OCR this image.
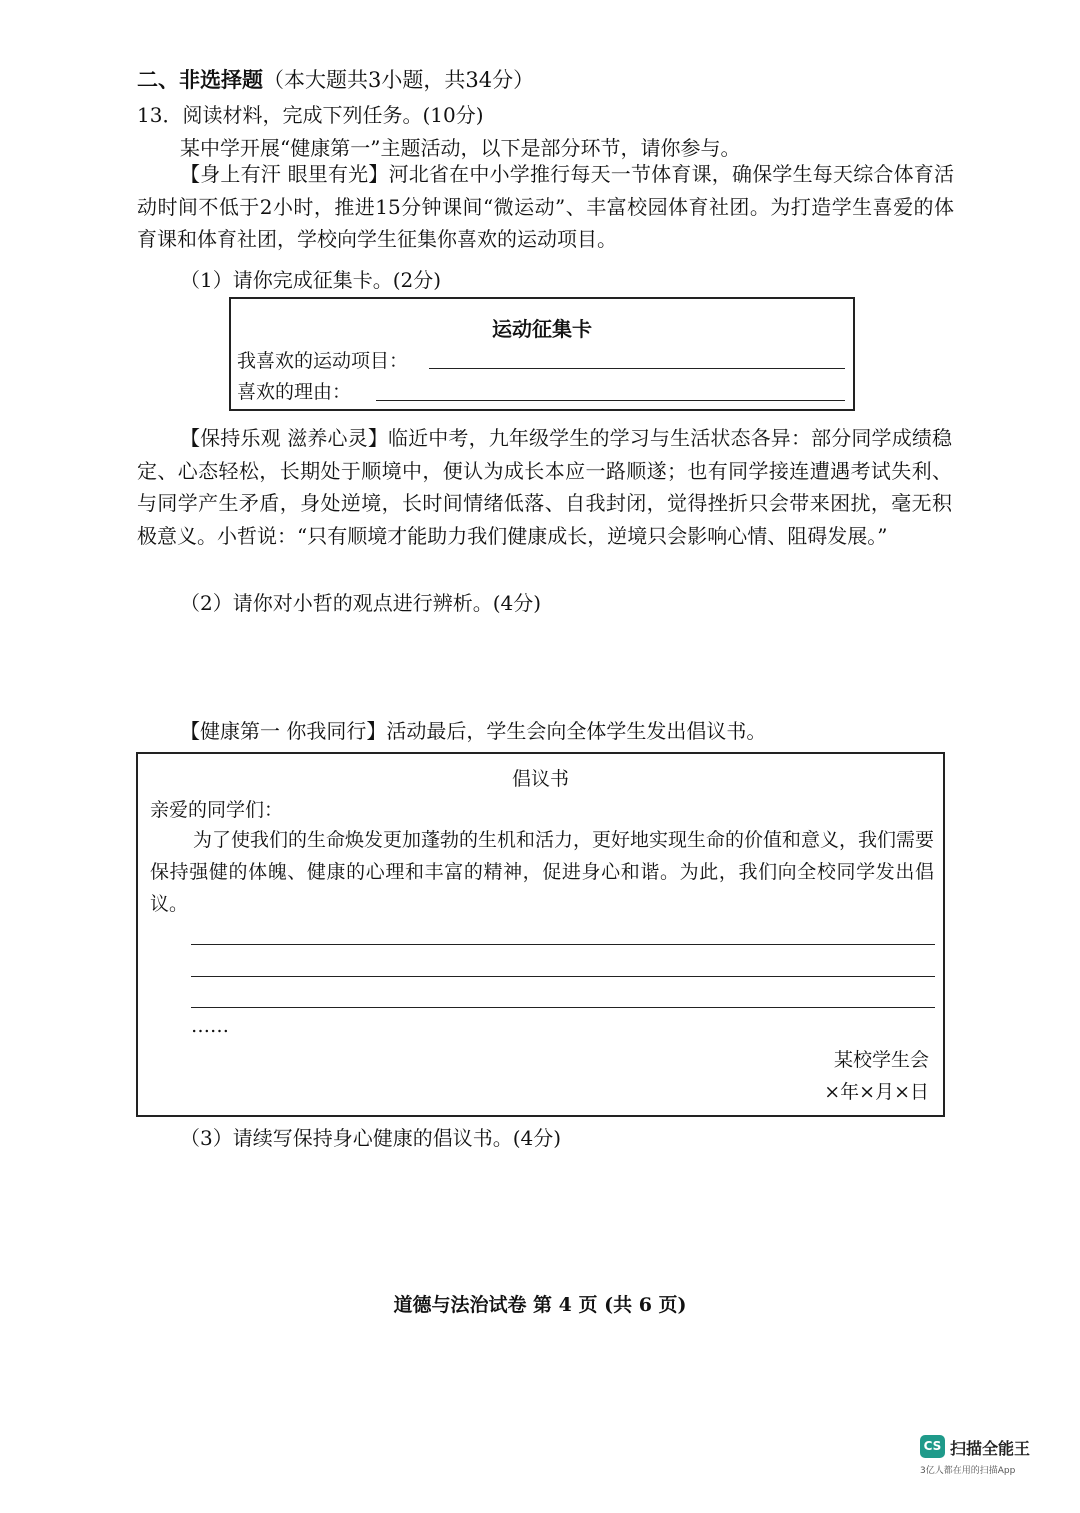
二、非选择题（本大题共3小题，共34分）
13．阅读材料，完成下列任务。(10分)
某中学开展“健康第一”主题活动，以下是部分环节，请你参与。
【身上有汗 眼里有光】河北省在中小学推行每天一节体育课，确保学生每天综合体育活动时间不低于2小时，推进15分钟课间“微运动”、丰富校园体育社团。为打造学生喜爱的体育课和体育社团，学校向学生征集你喜欢的运动项目。
（1）请你完成征集卡。(2分)
运动征集卡
我喜欢的运动项目：
喜欢的理由：
【保持乐观 滋养心灵】临近中考，九年级学生的学习与生活状态各异：部分同学成绩稳定、心态轻松，长期处于顺境中，便认为成长本应一路顺遂；也有同学接连遭遇考试失利、与同学产生矛盾，身处逆境，长时间情绪低落、自我封闭，觉得挫折只会带来困扰，毫无积极意义。小哲说：“只有顺境才能助力我们健康成长，逆境只会影响心情、阻碍发展。”
（2）请你对小哲的观点进行辨析。(4分)
【健康第一 你我同行】活动最后，学生会向全体学生发出倡议书。
倡议书
亲爱的同学们：
为了使我们的生命焕发更加蓬勃的生机和活力，更好地实现生命的价值和意义，我们需要保持强健的体魄、健康的心理和丰富的精神，促进身心和谐。为此，我们向全校同学发出倡议。
……
某校学生会
×年×月×日
（3）请续写保持身心健康的倡议书。(4分)
道德与法治试卷 第 4 页 (共 6 页)
CS 扫描全能王
3亿人都在用的扫描App
